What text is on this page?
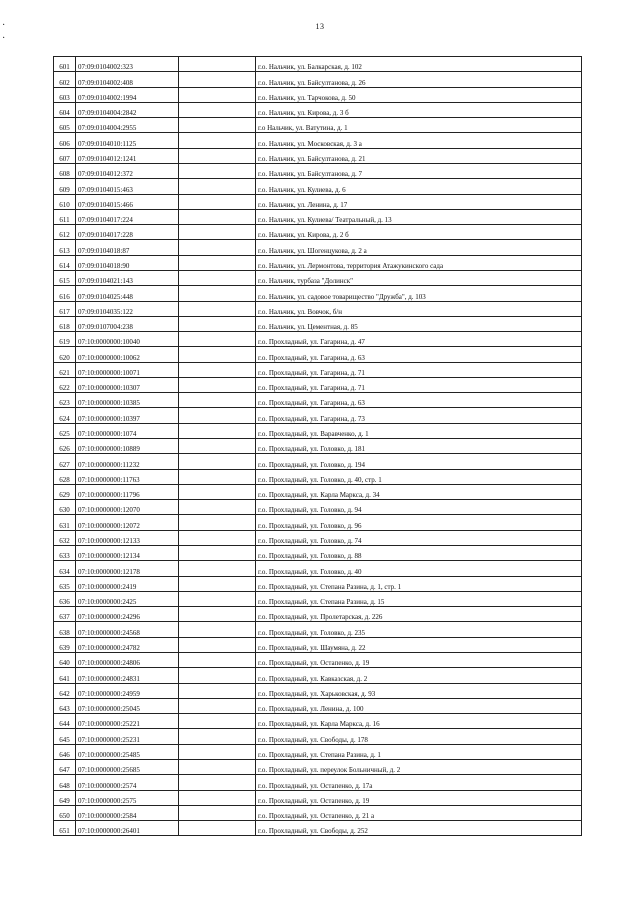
·
·
13
601	07:09:0104002:323		г.о. Нальчик, ул. Балкарская, д. 102
602	07:09:0104002:408		г.о. Нальчик, ул. Байсултанова, д. 26
603	07:09:0104002:1994		г.о. Нальчик, ул. Тарчокова, д. 50
604	07:09:0104004:2842		г.о. Нальчик, ул. Кирова, д. 3 б
605	07:09:0104004:2955		г.о Нальчик, ул. Ватутина, д. 1
606	07:09:0104010:1125		г.о. Нальчик, ул. Московская, д. 3 а
607	07:09:0104012:1241		г.о. Нальчик, ул. Байсултанова, д. 21
608	07:09:0104012:372		г.о. Нальчик, ул. Байсултанова, д. 7
609	07:09:0104015:463		г.о. Нальчик, ул. Кулиева, д. 6
610	07:09:0104015:466		г.о. Нальчик, ул. Ленина, д. 17
611	07:09:0104017:224		г.о. Нальчик, ул. Кулиева/ Театральный, д. 13
612	07:09:0104017:228		г.о. Нальчик, ул. Кирова, д. 2 б
613	07:09:0104018:87		г.о. Нальчик, ул. Шогенцукова, д. 2 а
614	07:09:0104018:90		г.о. Нальчик, ул. Лермонтова, территория Атажукинского сада
615	07:09:0104021:143		г.о. Нальчик, турбаза "Долинск"
616	07:09:0104025:448		г.о. Нальчик, ул. садовое товарищество "Дружба", д. 103
617	07:09:0104035:122		г.о. Нальчик, ул. Вовчок, б/н
618	07:09:0107004:238		г.о. Нальчик, ул. Цементная, д. 85
619	07:10:0000000:10040		г.о. Прохладный, ул. Гагарина, д. 47
620	07:10:0000000:10062		г.о. Прохладный, ул. Гагарина, д. 63
621	07:10:0000000:10071		г.о. Прохладный, ул. Гагарина, д. 71
622	07:10:0000000:10307		г.о. Прохладный, ул. Гагарина, д. 71
623	07:10:0000000:10385		г.о. Прохладный, ул. Гагарина, д. 63
624	07:10:0000000:10397		г.о. Прохладный, ул. Гагарина, д. 73
625	07:10:0000000:1074		г.о. Прохладный, ул. Варавченко, д. 1
626	07:10:0000000:10889		г.о. Прохладный, ул. Головко, д. 181
627	07:10:0000000:11232		г.о. Прохладный, ул. Головко, д. 194
628	07:10:0000000:11763		г.о. Прохладный, ул. Головко, д. 40, стр. 1
629	07:10:0000000:11796		г.о. Прохладный, ул. Карла Маркса, д. 34
630	07:10:0000000:12070		г.о. Прохладный, ул. Головко, д. 94
631	07:10:0000000:12072		г.о. Прохладный, ул. Головко, д. 96
632	07:10:0000000:12133		г.о. Прохладный, ул. Головко, д. 74
633	07:10:0000000:12134		г.о. Прохладный, ул. Головко, д. 88
634	07:10:0000000:12178		г.о. Прохладный, ул. Головко, д. 40
635	07:10:0000000:2419		г.о. Прохладный, ул. Степана Разина, д. 1, стр. 1
636	07:10:0000000:2425		г.о. Прохладный, ул. Степана Разина, д. 15
637	07:10:0000000:24296		г.о. Прохладный, ул. Пролетарская, д. 226
638	07:10:0000000:24568		г.о. Прохладный, ул. Головко, д. 235
639	07:10:0000000:24782		г.о. Прохладный, ул. Шаумяна, д. 22
640	07:10:0000000:24806		г.о. Прохладный, ул. Остапенко, д. 19
641	07:10:0000000:24831		г.о. Прохладный, ул. Кавказская, д. 2
642	07:10:0000000:24959		г.о. Прохладный, ул. Харьковская, д. 93
643	07:10:0000000:25045		г.о. Прохладный, ул. Ленина, д. 100
644	07:10:0000000:25221		г.о. Прохладный, ул. Карла Маркса, д. 16
645	07:10:0000000:25231		г.о. Прохладный, ул. Свободы, д. 178
646	07:10:0000000:25485		г.о. Прохладный, ул. Степана Разина, д. 1
647	07:10:0000000:25685		г.о. Прохладный, ул. переулок Больничный, д. 2
648	07:10:0000000:2574		г.о. Прохладный, ул. Остапенко, д. 17а
649	07:10:0000000:2575		г.о. Прохладный, ул. Остапенко, д. 19
650	07:10:0000000:2584		г.о. Прохладный, ул. Остапенко, д. 21 а
651	07:10:0000000:26401		г.о. Прохладный, ул. Свободы, д. 252
